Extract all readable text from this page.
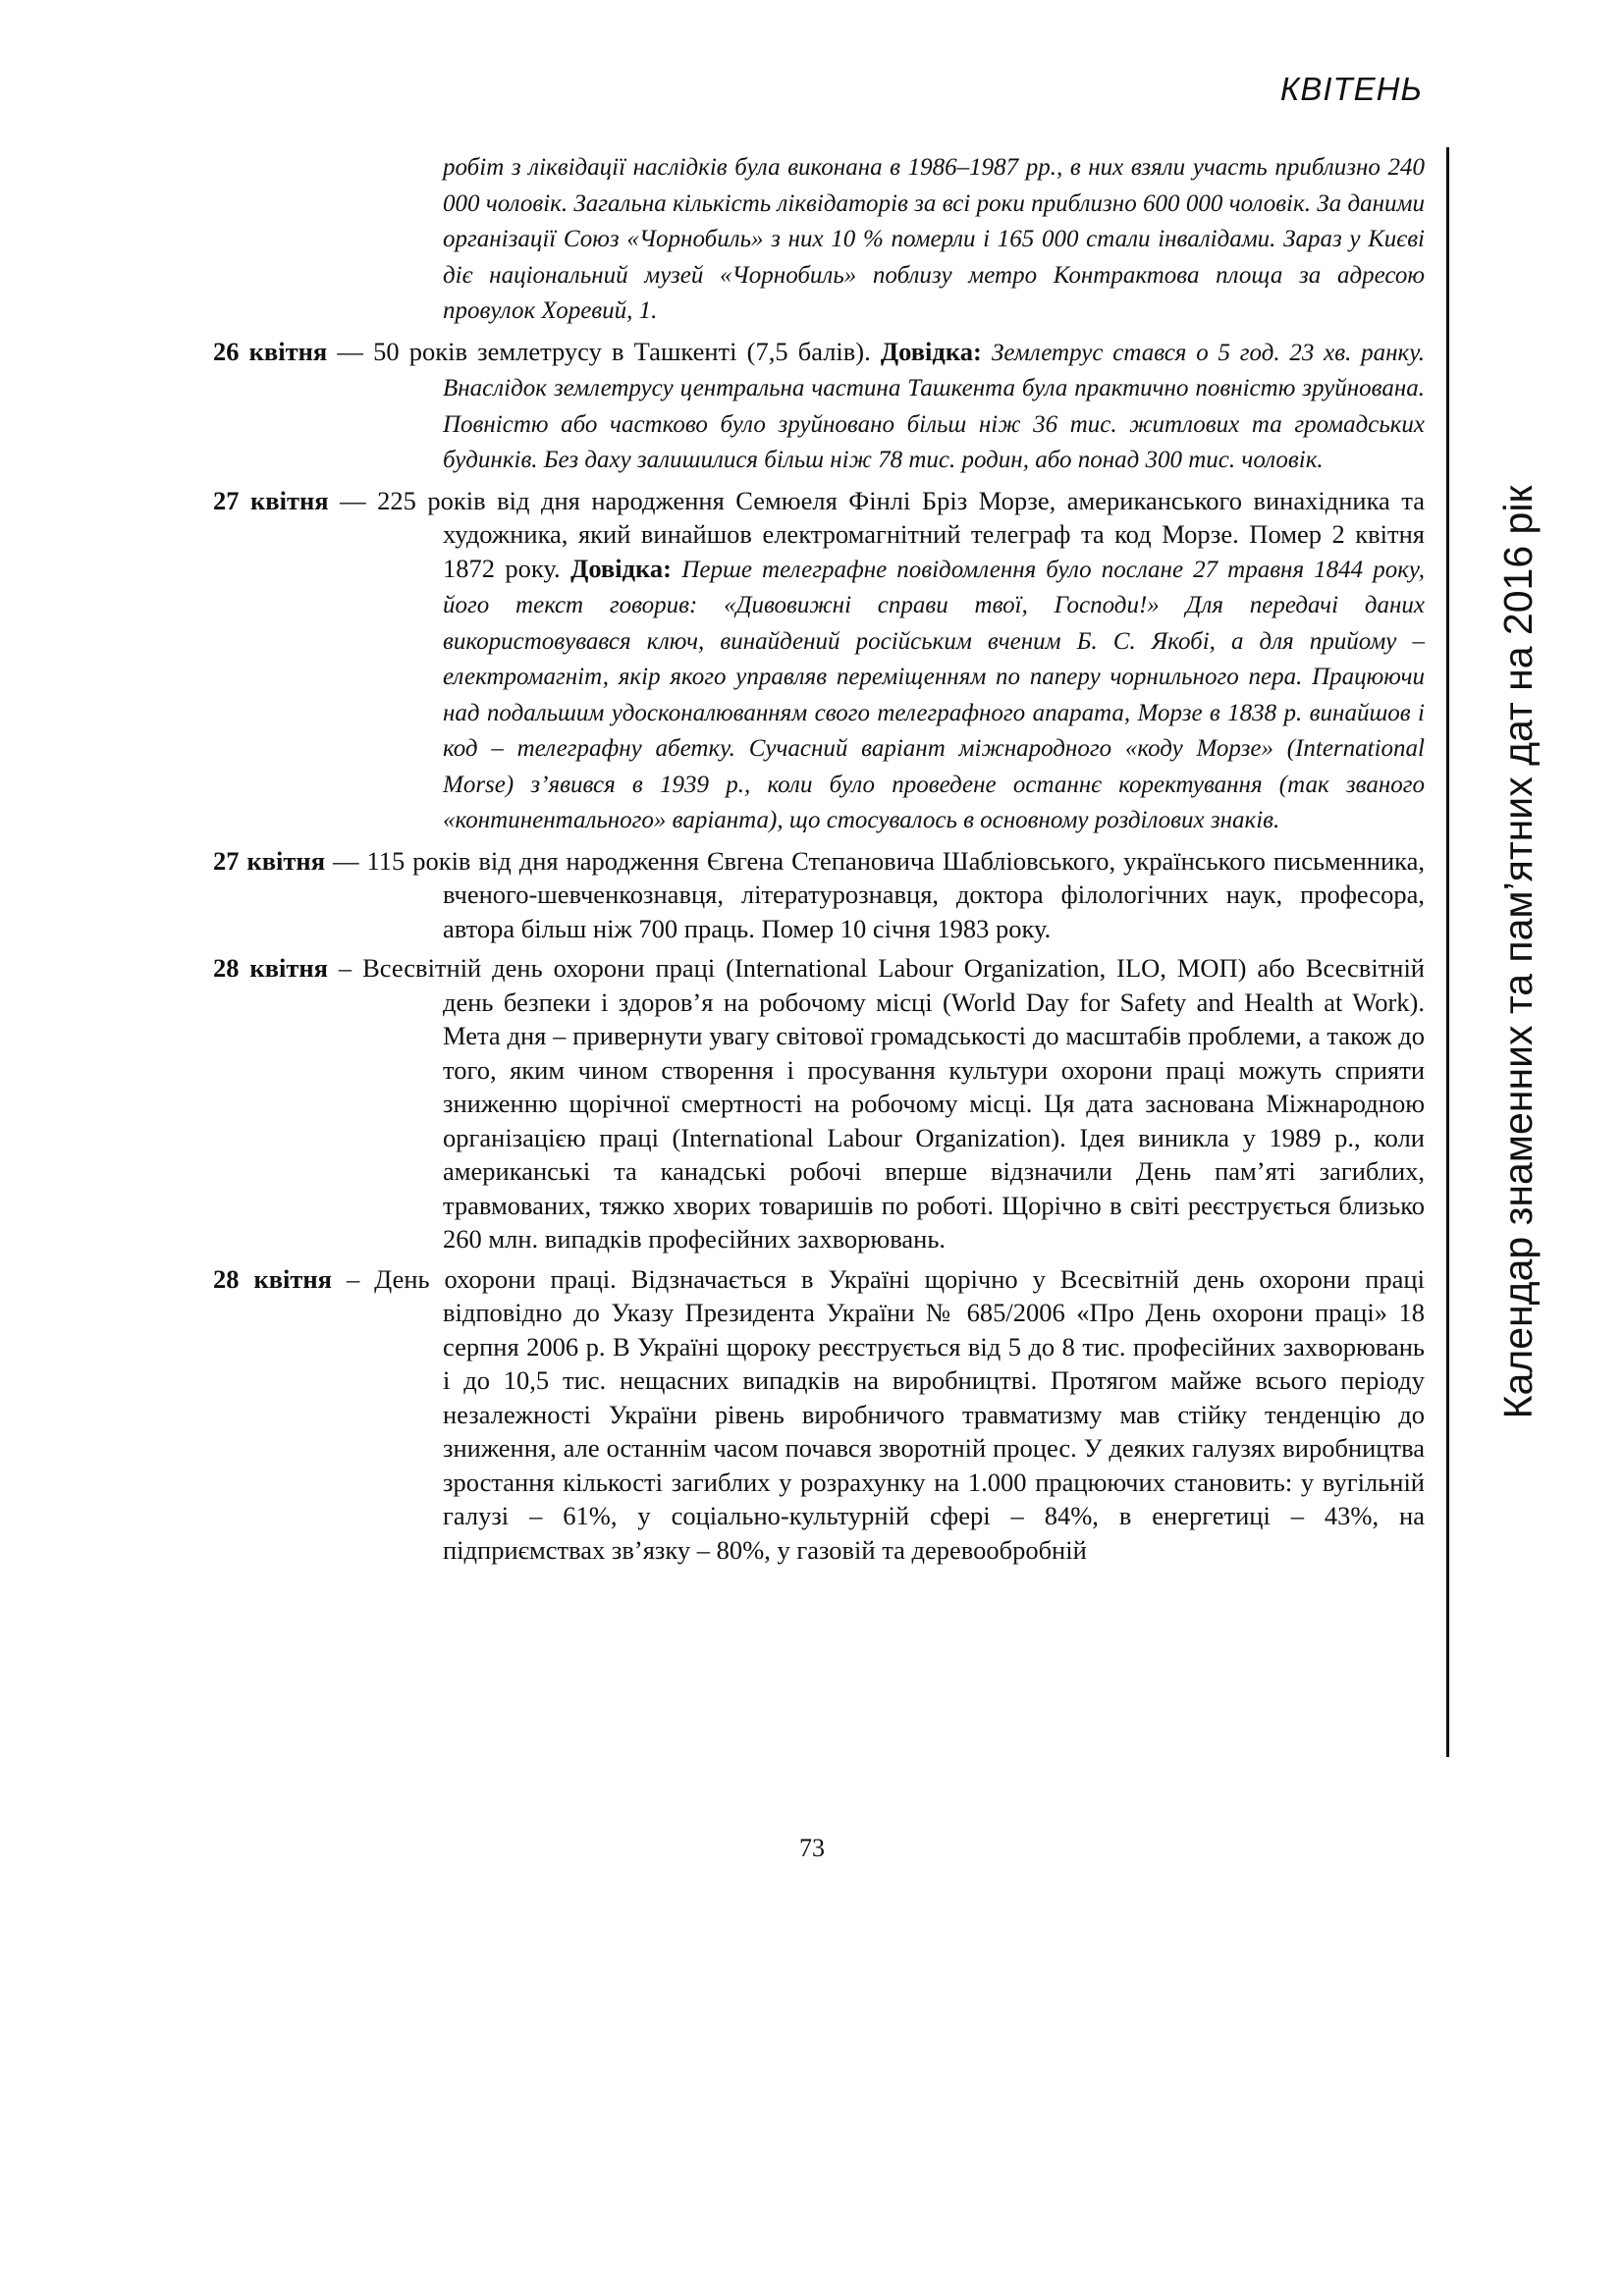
КВІТЕНЬ
Календар знаменних та пам’ятних дат на 2016 рік

робіт з ліквідації наслідків була виконана в 1986–1987 рр., в них взяли участь приблизно 240 000 чоловік. Загальна кількість ліквідаторів за всі роки приблизно 600 000 чоловік. За даними організації Союз «Чорнобиль» з них 10 % померли і 165 000 стали інвалідами. Зараз у Києві діє національний музей «Чорнобиль» поблизу метро Контрактова площа за адресою провулок Хоревий, 1.

26 квітня — 50 років землетрусу в Ташкенті (7,5 балів). Довідка: Землетрус стався о 5 год. 23 хв. ранку. Внаслідок землетрусу центральна частина Ташкента була практично повністю зруйнована. Повністю або частково було зруйновано більш ніж 36 тис. житлових та громадських будинків. Без даху залишилися більш ніж 78 тис. родин, або понад 300 тис. чоловік.

27 квітня — 225 років від дня народження Семюеля Фінлі Бріз Морзе, американського винахідника та художника, який винайшов електромагнітний телеграф та код Морзе. Помер 2 квітня 1872 року. Довідка: Перше телеграфне повідомлення було послане 27 травня 1844 року, його текст говорив: «Дивовижні справи твої, Господи!» Для передачі даних використовувався ключ, винайдений російським вченим Б. С. Якобі, а для прийому – електромагніт, якір якого управляв переміщенням по паперу чорнильного пера. Працюючи над подальшим удосконалюванням свого телеграфного апарата, Морзе в 1838 р. винайшов і код – телеграфну абетку. Сучасний варіант міжнародного «коду Морзе» (International Morse) з’явився в 1939 р., коли було проведене останнє коректування (так званого «континентального» варіанта), що стосувалось в основному розділових знаків.

27 квітня — 115 років від дня народження Євгена Степановича Шабліовського, українського письменника, вченого-шевченкознавця, літературознавця, доктора філологічних наук, професора, автора більш ніж 700 праць. Помер 10 січня 1983 року.

28 квітня – Всесвітній день охорони праці (International Labour Organization, ILO, МОП) або Всесвітній день безпеки і здоров’я на робочому місці (World Day for Safety and Health at Work). Мета дня – привернути увагу світової громадськості до масштабів проблеми, а також до того, яким чином створення і просування культури охорони праці можуть сприяти зниженню щорічної смертності на робочому місці. Ця дата заснована Міжнародною організацією праці (International Labour Organization). Ідея виникла у 1989 р., коли американські та канадські робочі вперше відзначили День пам’яті загиблих, травмованих, тяжко хворих товаришів по роботі. Щорічно в світі реєструється близько 260 млн. випадків професійних захворювань.

28 квітня – День охорони праці. Відзначається в Україні щорічно у Всесвітній день охорони праці відповідно до Указу Президента України № 685/2006 «Про День охорони праці» 18 серпня 2006 р. В Україні щороку реєструється від 5 до 8 тис. професійних захворювань і до 10,5 тис. нещасних випадків на виробництві. Протягом майже всього періоду незалежності України рівень виробничого травматизму мав стійку тенденцію до зниження, але останнім часом почався зворотній процес. У деяких галузях виробництва зростання кількості загиблих у розрахунку на 1.000 працюючих становить: у вугільній галузі – 61%, у соціально-культурній сфері – 84%, в енергетиці – 43%, на підприємствах зв’язку – 80%, у газовій та деревообробній

73
